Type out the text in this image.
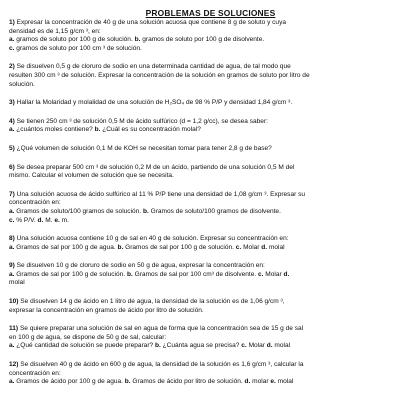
PROBLEMAS DE SOLUCIONES
1) Expresar la concentración de 40 g de una solución acuosa que contiene 8 g de soluto y cuya
densidad es de 1,15 g/cm ³, en:
a. gramos de soluto por 100 g de solución. b. gramos de soluto por 100 g de disolvente.
c. gramos de soluto por 100 cm ³ de solución.
2) Se disuelven 0,5 g de cloruro de sodio en una determinada cantidad de agua, de tal modo que
resulten 300 cm ³ de solución. Expresar la concentración de la solución en gramos de soluto por litro de
solución.
3) Hallar la Molaridad y molalidad de una solución de H₂SO₄ de 98 % P/P y densidad 1,84 g/cm ³.
4) Se tienen 250 cm ³ de solución 0,5 M de ácido sulfúrico (d = 1,2 g/cc), se desea saber:
a. ¿cuántos moles contiene? b. ¿Cuál es su concentración molal?
5) ¿Qué volumen de solución 0,1 M de KOH se necesitan tomar para tener 2,8 g de base?
6) Se desea preparar 500 cm ³ de solución 0,2 M de un ácido, partiendo de una solución 0,5 M del
mismo. Calcular el volumen de solución que se necesita.
7) Una solución acuosa de ácido sulfúrico al 11 % P/P tiene una densidad de 1,08 g/cm ³. Expresar su
concentración en:
a. Gramos de soluto/100 gramos de solución. b. Gramos de soluto/100 gramos de disolvente.
c. % P/V. d. M. e. m.
8) Una solución acuosa contiene 10 g de sal en 40 g de solución. Expresar su concentración en:
a. Gramos de sal por 100 g de agua. b. Gramos de sal por 100 g de solución. c. Molar d. molal
9) Se disuelven 10 g de cloruro de sodio en 50 g de agua, expresar la concentración en:
a. Gramos de sal por 100 g de solución. b. Gramos de sal por 100 cm³ de disolvente. c. Molar d.
molal
10) Se disuelven 14 g de ácido en 1 litro de agua, la densidad de la solución es de 1,06 g/cm ³,
expresar la concentración en gramos de ácido por litro de solución.
11) Se quiere preparar una solución de sal en agua de forma que la concentración sea de 15 g de sal
en 100 g de agua, se dispone de 50 g de sal, calcular:
a. ¿Qué cantidad de solución se puede preparar? b. ¿Cuánta agua se precisa? c. Molar d. molal
12) Se disuelven 40 g de ácido en 600 g de agua, la densidad de la solución es 1,6 g/cm ³, calcular la
concentración en:
a. Gramos de ácido por 100 g de agua. b. Gramos de ácido por litro de solución. d. molar e. molal
